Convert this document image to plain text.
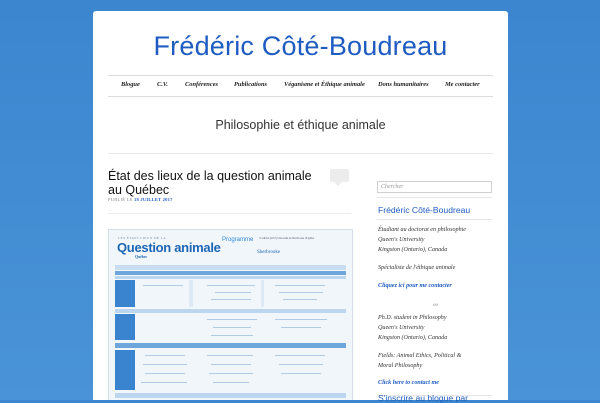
Frédéric Côté-Boudreau
Blogue	C.V.	Conférences Publications	Véganisme et Éthique animale Dons humanitaires	Me contacter
Philosophie et éthique animale
État des lieux de la question animale au Québec
PUBLIÉ LE 18 JUILLET 2017
LES ÉTATS LIEUX DE LA
Question animale
Québec
Programme 7e édition (2017) Université de Sherbrooke 18 juillet
Sherbrooke
Chercher
Frédéric Côté-Boudreau
Étudiant au doctorat en philosophie
Queen's University
Kingston (Ontario), Canada
Spécialiste de l'éthique animale
Cliquez ici pour me contacter
oo
Ph.D. student in Philosophy
Queen's University
Kingston (Ontario), Canada
Fields: Animal Ethics, Political &
Moral Philosophy
Click here to contact me
S'inscrire au blogue par
